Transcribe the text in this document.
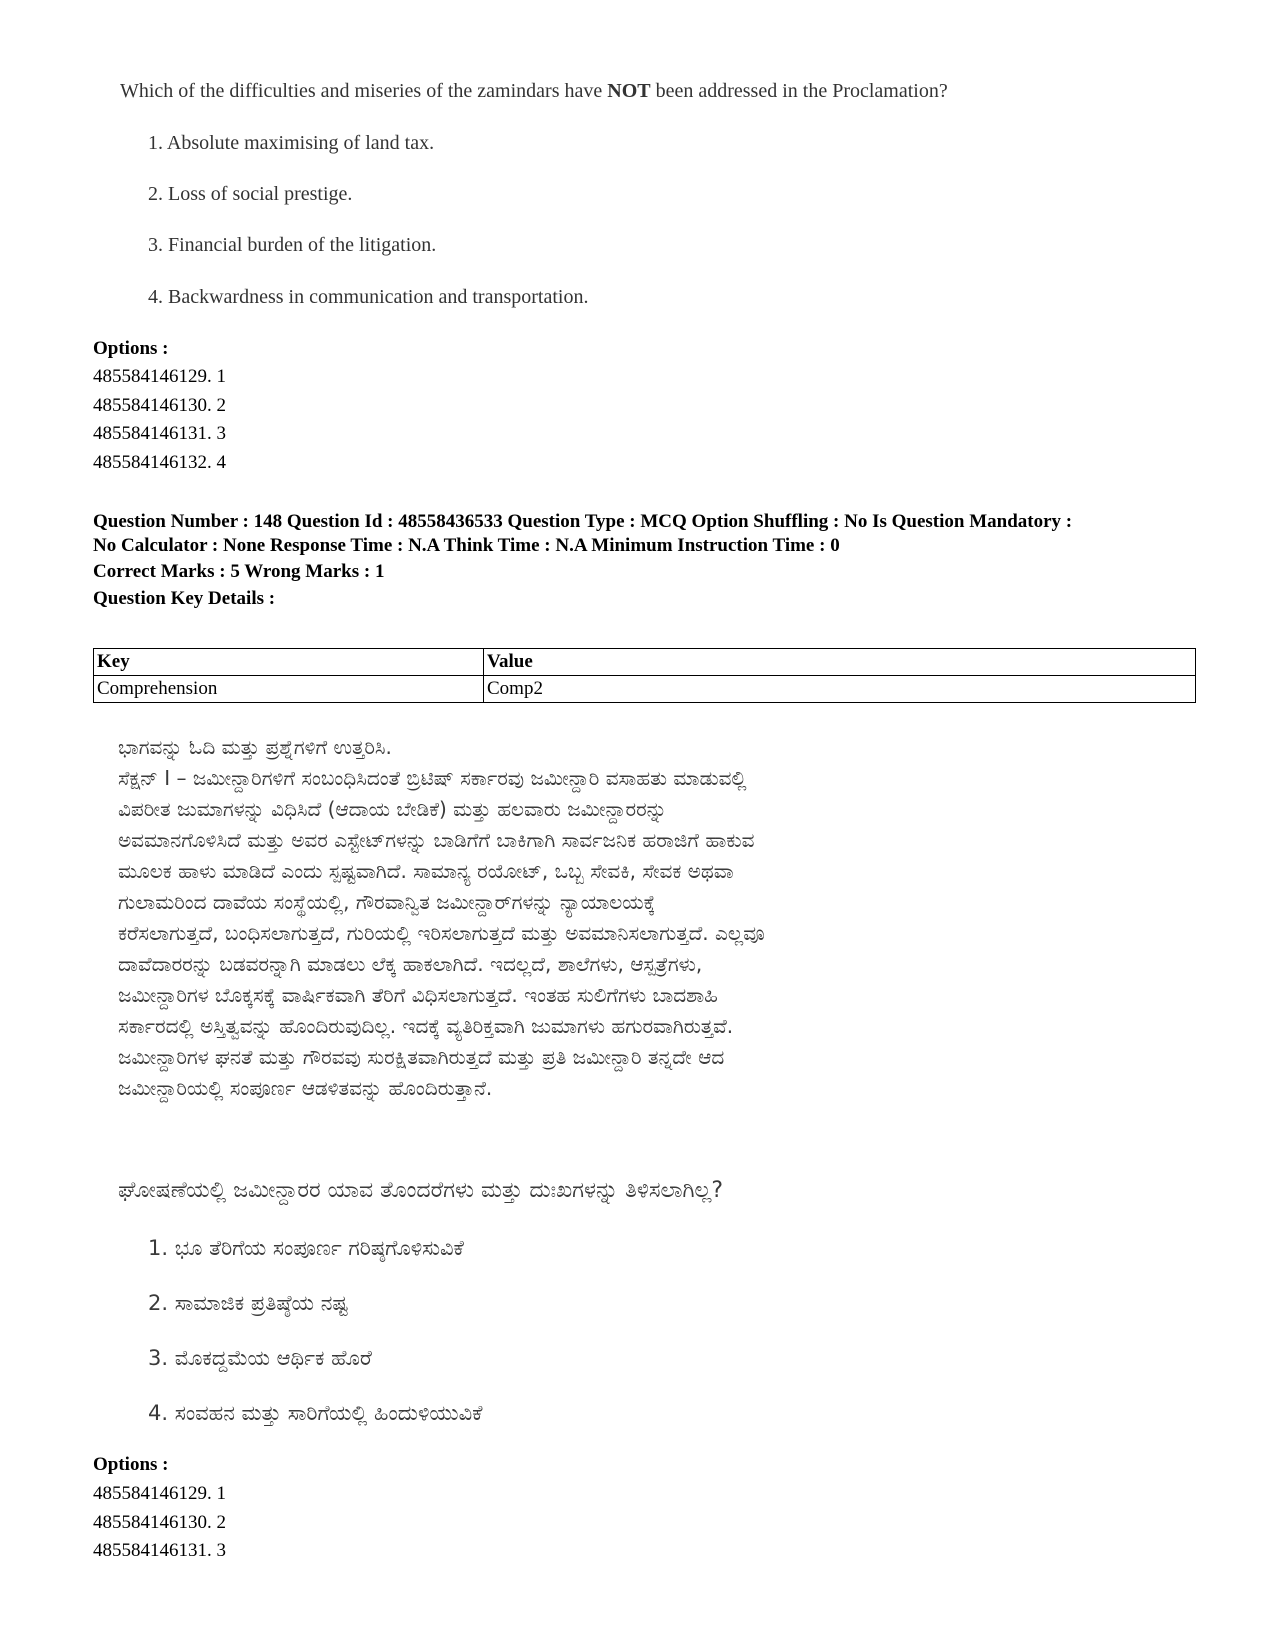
Which of the difficulties and miseries of the zamindars have NOT been addressed in the Proclamation?
1. Absolute maximising of land tax.
2. Loss of social prestige.
3. Financial burden of the litigation.
4. Backwardness in communication and transportation.
Options :
485584146129. 1
485584146130. 2
485584146131. 3
485584146132. 4
Question Number : 148 Question Id : 48558436533 Question Type : MCQ Option Shuffling : No Is Question Mandatory :
No Calculator : None Response Time : N.A Think Time : N.A Minimum Instruction Time : 0
Correct Marks : 5 Wrong Marks : 1
Question Key Details :
Key	Value
Comprehension	Comp2
ಭಾಗವನ್ನು ಓದಿ ಮತ್ತು ಪ್ರಶ್ನೆಗಳಿಗೆ ಉತ್ತರಿಸಿ.
ಸೆಕ್ಷನ್ I – ಜಮೀನ್ದಾರಿಗಳಿಗೆ ಸಂಬಂಧಿಸಿದಂತೆ ಬ್ರಿಟಿಷ್ ಸರ್ಕಾರವು ಜಮೀನ್ದಾರಿ ವಸಾಹತು ಮಾಡುವಲ್ಲಿ
ವಿಪರೀತ ಜುಮಾಗಳನ್ನು ವಿಧಿಸಿದೆ (ಆದಾಯ ಬೇಡಿಕೆ) ಮತ್ತು ಹಲವಾರು ಜಮೀನ್ದಾರರನ್ನು
ಅವಮಾನಗೊಳಿಸಿದೆ ಮತ್ತು ಅವರ ಎಸ್ಟೇಟ್‌ಗಳನ್ನು ಬಾಡಿಗೆಗೆ ಬಾಕಿಗಾಗಿ ಸಾರ್ವಜನಿಕ ಹರಾಜಿಗೆ ಹಾಕುವ
ಮೂಲಕ ಹಾಳು ಮಾಡಿದೆ ಎಂದು ಸ್ಪಷ್ಟವಾಗಿದೆ. ಸಾಮಾನ್ಯ ರಯೋಟ್, ಒಬ್ಬ ಸೇವಕಿ, ಸೇವಕ ಅಥವಾ
ಗುಲಾಮರಿಂದ ದಾವೆಯ ಸಂಸ್ಥೆಯಲ್ಲಿ, ಗೌರವಾನ್ವಿತ ಜಮೀನ್ದಾರ್‌ಗಳನ್ನು ನ್ಯಾಯಾಲಯಕ್ಕೆ
ಕರೆಸಲಾಗುತ್ತದೆ, ಬಂಧಿಸಲಾಗುತ್ತದೆ, ಗುರಿಯಲ್ಲಿ ಇರಿಸಲಾಗುತ್ತದೆ ಮತ್ತು ಅವಮಾನಿಸಲಾಗುತ್ತದೆ. ಎಲ್ಲವೂ
ದಾವೆದಾರರನ್ನು ಬಡವರನ್ನಾಗಿ ಮಾಡಲು ಲೆಕ್ಕ ಹಾಕಲಾಗಿದೆ. ಇದಲ್ಲದೆ, ಶಾಲೆಗಳು, ಆಸ್ಪತ್ರೆಗಳು,
ಜಮೀನ್ದಾರಿಗಳ ಬೊಕ್ಕಸಕ್ಕೆ ವಾರ್ಷಿಕವಾಗಿ ತೆರಿಗೆ ವಿಧಿಸಲಾಗುತ್ತದೆ. ಇಂತಹ ಸುಲಿಗೆಗಳು ಬಾದಶಾಹಿ
ಸರ್ಕಾರದಲ್ಲಿ ಅಸ್ತಿತ್ವವನ್ನು ಹೊಂದಿರುವುದಿಲ್ಲ. ಇದಕ್ಕೆ ವ್ಯತಿರಿಕ್ತವಾಗಿ ಜುಮಾಗಳು ಹಗುರವಾಗಿರುತ್ತವೆ.
ಜಮೀನ್ದಾರಿಗಳ ಘನತೆ ಮತ್ತು ಗೌರವವು ಸುರಕ್ಷಿತವಾಗಿರುತ್ತದೆ ಮತ್ತು ಪ್ರತಿ ಜಮೀನ್ದಾರಿ ತನ್ನದೇ ಆದ
ಜಮೀನ್ದಾರಿಯಲ್ಲಿ ಸಂಪೂರ್ಣ ಆಡಳಿತವನ್ನು ಹೊಂದಿರುತ್ತಾನೆ.
ಘೋಷಣೆಯಲ್ಲಿ ಜಮೀನ್ದಾರರ ಯಾವ ತೊಂದರೆಗಳು ಮತ್ತು ದುಃಖಗಳನ್ನು ತಿಳಿಸಲಾಗಿಲ್ಲ?
1. ಭೂ ತೆರಿಗೆಯ ಸಂಪೂರ್ಣ ಗರಿಷ್ಠಗೊಳಿಸುವಿಕೆ
2. ಸಾಮಾಜಿಕ ಪ್ರತಿಷ್ಠೆಯ ನಷ್ಟ
3. ಮೊಕದ್ದಮೆಯ ಆರ್ಥಿಕ ಹೊರೆ
4. ಸಂವಹನ ಮತ್ತು ಸಾರಿಗೆಯಲ್ಲಿ ಹಿಂದುಳಿಯುವಿಕೆ
Options :
485584146129. 1
485584146130. 2
485584146131. 3
